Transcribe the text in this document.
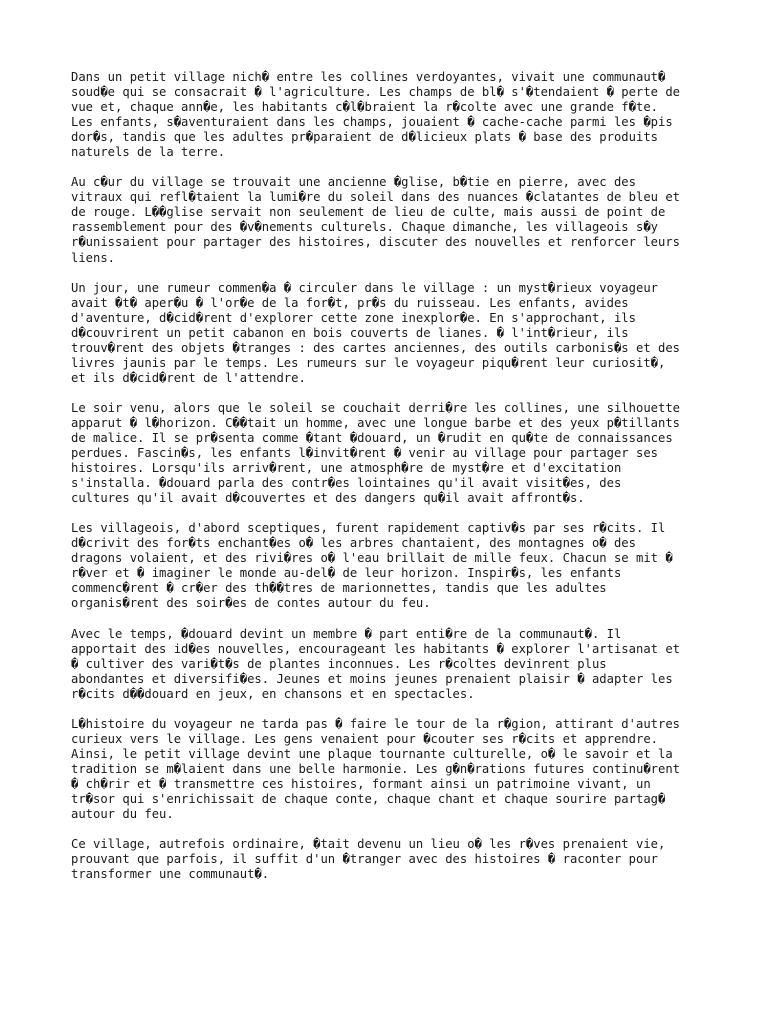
Dans un petit village nich� entre les collines verdoyantes, vivait une communaut�
soud�e qui se consacrait � l'agriculture. Les champs de bl� s'�tendaient � perte de
vue et, chaque ann�e, les habitants c�l�braient la r�colte avec une grande f�te.
Les enfants, s�aventuraient dans les champs, jouaient � cache-cache parmi les �pis
dor�s, tandis que les adultes pr�paraient de d�licieux plats � base des produits
naturels de la terre.

Au c�ur du village se trouvait une ancienne �glise, b�tie en pierre, avec des
vitraux qui refl�taient la lumi�re du soleil dans des nuances �clatantes de bleu et
de rouge. L��glise servait non seulement de lieu de culte, mais aussi de point de
rassemblement pour des �v�nements culturels. Chaque dimanche, les villageois s�y
r�unissaient pour partager des histoires, discuter des nouvelles et renforcer leurs
liens.

Un jour, une rumeur commen�a � circuler dans le village : un myst�rieux voyageur
avait �t� aper�u � l'or�e de la for�t, pr�s du ruisseau. Les enfants, avides
d'aventure, d�cid�rent d'explorer cette zone inexplor�e. En s'approchant, ils
d�couvrirent un petit cabanon en bois couverts de lianes. � l'int�rieur, ils
trouv�rent des objets �tranges : des cartes anciennes, des outils carbonis�s et des
livres jaunis par le temps. Les rumeurs sur le voyageur piqu�rent leur curiosit�,
et ils d�cid�rent de l'attendre.

Le soir venu, alors que le soleil se couchait derri�re les collines, une silhouette
apparut � l�horizon. C��tait un homme, avec une longue barbe et des yeux p�tillants
de malice. Il se pr�senta comme �tant �douard, un �rudit en qu�te de connaissances
perdues. Fascin�s, les enfants l�invit�rent � venir au village pour partager ses
histoires. Lorsqu'ils arriv�rent, une atmosph�re de myst�re et d'excitation
s'installa. �douard parla des contr�es lointaines qu'il avait visit�es, des
cultures qu'il avait d�couvertes et des dangers qu�il avait affront�s.

Les villageois, d'abord sceptiques, furent rapidement captiv�s par ses r�cits. Il
d�crivit des for�ts enchant�es o� les arbres chantaient, des montagnes o� des
dragons volaient, et des rivi�res o� l'eau brillait de mille feux. Chacun se mit �
r�ver et � imaginer le monde au-del� de leur horizon. Inspir�s, les enfants
commenc�rent � cr�er des th��tres de marionnettes, tandis que les adultes
organis�rent des soir�es de contes autour du feu.

Avec le temps, �douard devint un membre � part enti�re de la communaut�. Il
apportait des id�es nouvelles, encourageant les habitants � explorer l'artisanat et
� cultiver des vari�t�s de plantes inconnues. Les r�coltes devinrent plus
abondantes et diversifi�es. Jeunes et moins jeunes prenaient plaisir � adapter les
r�cits d��douard en jeux, en chansons et en spectacles.

L�histoire du voyageur ne tarda pas � faire le tour de la r�gion, attirant d'autres
curieux vers le village. Les gens venaient pour �couter ses r�cits et apprendre.
Ainsi, le petit village devint une plaque tournante culturelle, o� le savoir et la
tradition se m�laient dans une belle harmonie. Les g�n�rations futures continu�rent
� ch�rir et � transmettre ces histoires, formant ainsi un patrimoine vivant, un
tr�sor qui s'enrichissait de chaque conte, chaque chant et chaque sourire partag�
autour du feu.

Ce village, autrefois ordinaire, �tait devenu un lieu o� les r�ves prenaient vie,
prouvant que parfois, il suffit d'un �tranger avec des histoires � raconter pour
transformer une communaut�.
